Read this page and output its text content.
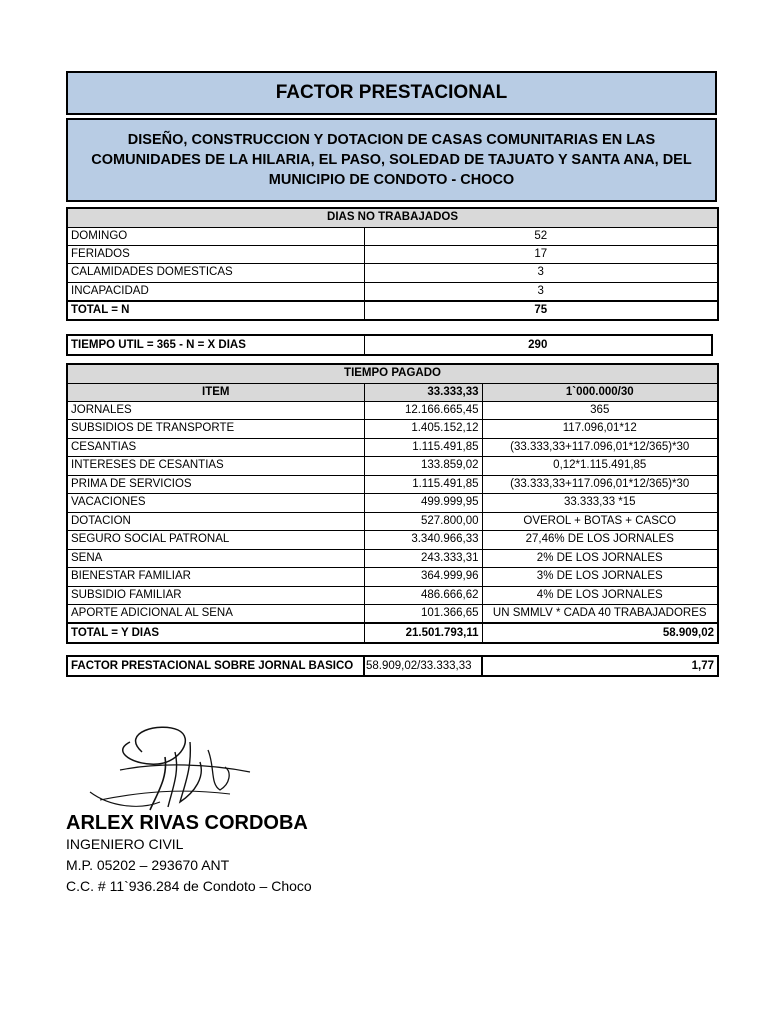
FACTOR PRESTACIONAL
DISEÑO, CONSTRUCCION Y DOTACION DE CASAS COMUNITARIAS EN LAS COMUNIDADES DE LA HILARIA, EL PASO, SOLEDAD DE TAJUATO Y SANTA ANA, DEL MUNICIPIO DE CONDOTO - CHOCO
DIAS NO TRABAJADOS	
DOMINGO	52
FERIADOS	17
CALAMIDADES DOMESTICAS	3
INCAPACIDAD	3
TOTAL = N	75
TIEMPO UTIL = 365 - N = X DIAS	290
TIEMPO PAGADO		
ITEM	33.333,33	1`000.000/30
JORNALES	12.166.665,45	365
SUBSIDIOS DE TRANSPORTE	1.405.152,12	117.096,01*12
CESANTIAS	1.115.491,85	(33.333,33+117.096,01*12/365)*30
INTERESES DE CESANTIAS	133.859,02	0,12*1.115.491,85
PRIMA DE SERVICIOS	1.115.491,85	(33.333,33+117.096,01*12/365)*30
VACACIONES	499.999,95	33.333,33 *15
DOTACION	527.800,00	OVEROL + BOTAS + CASCO
SEGURO SOCIAL PATRONAL	3.340.966,33	27,46% DE LOS JORNALES
SENA	243.333,31	2% DE LOS JORNALES
BIENESTAR FAMILIAR	364.999,96	3% DE LOS JORNALES
SUBSIDIO FAMILIAR	486.666,62	4% DE LOS JORNALES
APORTE ADICIONAL AL SENA	101.366,65	UN SMMLV * CADA 40 TRABAJADORES
TOTAL = Y DIAS	21.501.793,11	58.909,02
FACTOR PRESTACIONAL SOBRE JORNAL BASICO	58.909,02/33.333,33	1,77
ARLEX RIVAS CORDOBA
INGENIERO CIVIL
M.P. 05202 – 293670 ANT
C.C. # 11`936.284 de Condoto – Choco
